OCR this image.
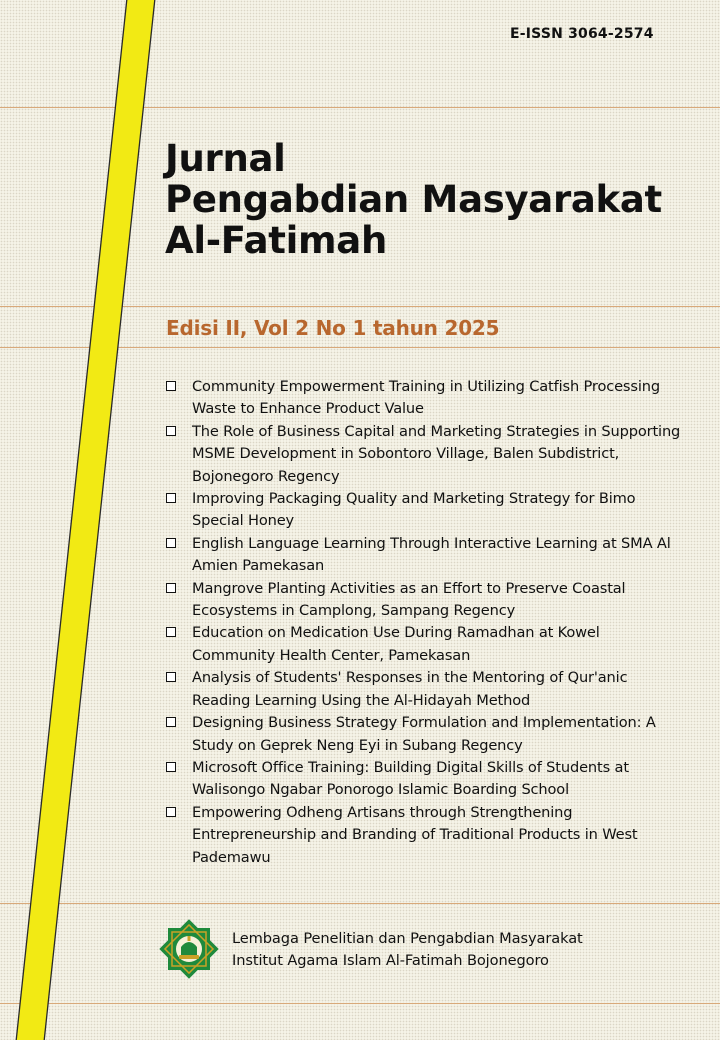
E-ISSN 3064-2574
Jurnal
Pengabdian Masyarakat
Al-Fatimah
Edisi II, Vol 2 No 1 tahun 2025
Community Empowerment Training in Utilizing Catfish Processing Waste to Enhance Product Value
The Role of Business Capital and Marketing Strategies in Supporting MSME Development in Sobontoro Village, Balen Subdistrict, Bojonegoro Regency
Improving Packaging Quality and Marketing Strategy for Bimo Special Honey
English Language Learning Through Interactive Learning at SMA Al Amien Pamekasan
Mangrove Planting Activities as an Effort to Preserve Coastal Ecosystems in Camplong, Sampang Regency
Education on Medication Use During Ramadhan at Kowel Community Health Center, Pamekasan
Analysis of Students' Responses in the Mentoring of Qur'anic Reading Learning Using the Al-Hidayah Method
Designing Business Strategy Formulation and Implementation: A Study on Geprek Neng Eyi in Subang Regency
Microsoft Office Training: Building Digital Skills of Students at Walisongo Ngabar Ponorogo Islamic Boarding School
Empowering Odheng Artisans through Strengthening Entrepreneurship and Branding of Traditional Products in West Pademawu
Lembaga Penelitian dan Pengabdian Masyarakat
Institut Agama Islam Al-Fatimah Bojonegoro
